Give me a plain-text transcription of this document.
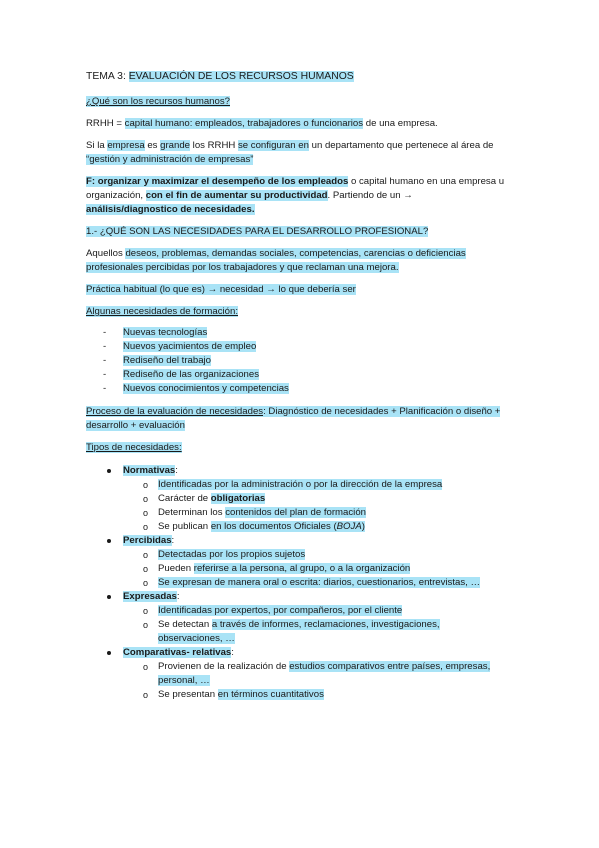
TEMA 3: EVALUACIÓN DE LOS RECURSOS HUMANOS

¿Qué son los recursos humanos?

RRHH = capital humano: empleados, trabajadores o funcionarios de una empresa.

Si la empresa es grande los RRHH se configuran en un departamento que pertenece al área de
“gestión y administración de empresas”

F: organizar y maximizar el desempeño de los empleados o capital humano en una empresa u
organización, con el fin de aumentar su productividad. Partiendo de un →
análisis/diagnostico de necesidades.

1.- ¿QUÉ SON LAS NECESIDADES PARA EL DESARROLLO PROFESIONAL?

Aquellos deseos, problemas, demandas sociales, competencias, carencias o deficiencias
profesionales percibidas por los trabajadores y que reclaman una mejora.

Práctica habitual (lo que es) → necesidad → lo que debería ser

Algunas necesidades de formación:

- Nuevas tecnologías
- Nuevos yacimientos de empleo
- Rediseño del trabajo
- Rediseño de las organizaciones
- Nuevos conocimientos y competencias

Proceso de la evaluación de necesidades: Diagnóstico de necesidades + Planificación o diseño +
desarrollo + evaluación

Tipos de necesidades:

Normativas:
o Identificadas por la administración o por la dirección de la empresa
o Carácter de obligatorias
o Determinan los contenidos del plan de formación
o Se publican en los documentos Oficiales (BOJA)
Percibidas:
o Detectadas por los propios sujetos
o Pueden referirse a la persona, al grupo, o a la organización
o Se expresan de manera oral o escrita: diarios, cuestionarios, entrevistas, …
Expresadas:
o Identificadas por expertos, por compañeros, por el cliente
o Se detectan a través de informes, reclamaciones, investigaciones,
observaciones, …
Comparativas- relativas:
o Provienen de la realización de estudios comparativos entre países, empresas,
personal, …
o Se presentan en términos cuantitativos
